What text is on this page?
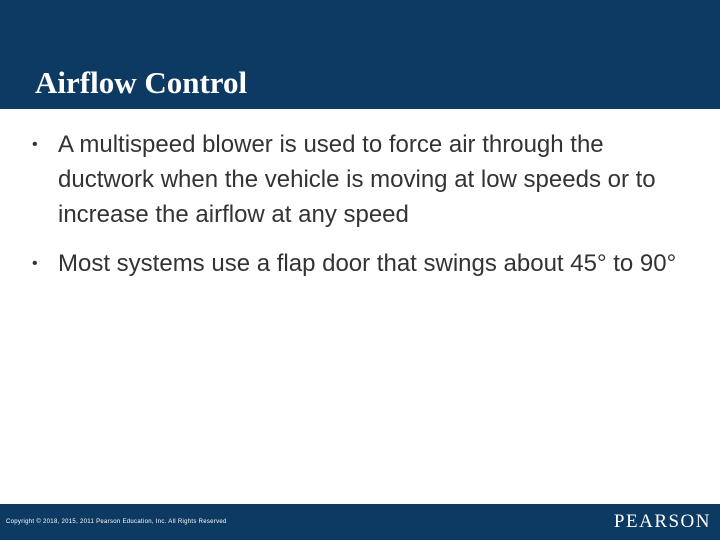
Airflow Control
• A multispeed blower is used to force air through the ductwork when the vehicle is moving at low speeds or to increase the airflow at any speed
• Most systems use a flap door that swings about 45° to 90°
Copyright © 2018, 2015, 2011 Pearson Education, Inc. All Rights Reserved	PEARSON
